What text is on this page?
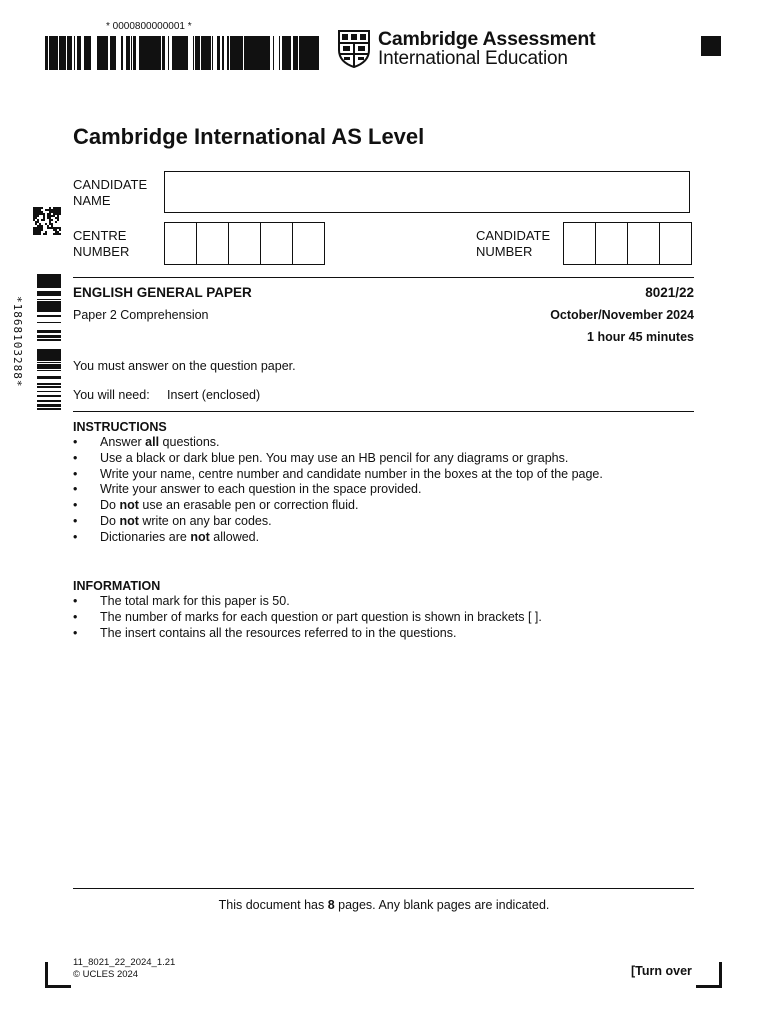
* 0000800000001 *
Cambridge Assessment
International Education
Cambridge International AS Level
CANDIDATE NAME
CENTRE NUMBER
CANDIDATE NUMBER
*1868103288*
ENGLISH GENERAL PAPER	8021/22
Paper 2 Comprehension	October/November 2024
1 hour 45 minutes
You must answer on the question paper.
You will need:     Insert (enclosed)
INSTRUCTIONS
• Answer all questions.
• Use a black or dark blue pen. You may use an HB pencil for any diagrams or graphs.
• Write your name, centre number and candidate number in the boxes at the top of the page.
• Write your answer to each question in the space provided.
• Do not use an erasable pen or correction fluid.
• Do not write on any bar codes.
• Dictionaries are not allowed.
INFORMATION
• The total mark for this paper is 50.
• The number of marks for each question or part question is shown in brackets [ ].
• The insert contains all the resources referred to in the questions.
This document has 8 pages. Any blank pages are indicated.
11_8021_22_2024_1.21
© UCLES 2024	[Turn over
